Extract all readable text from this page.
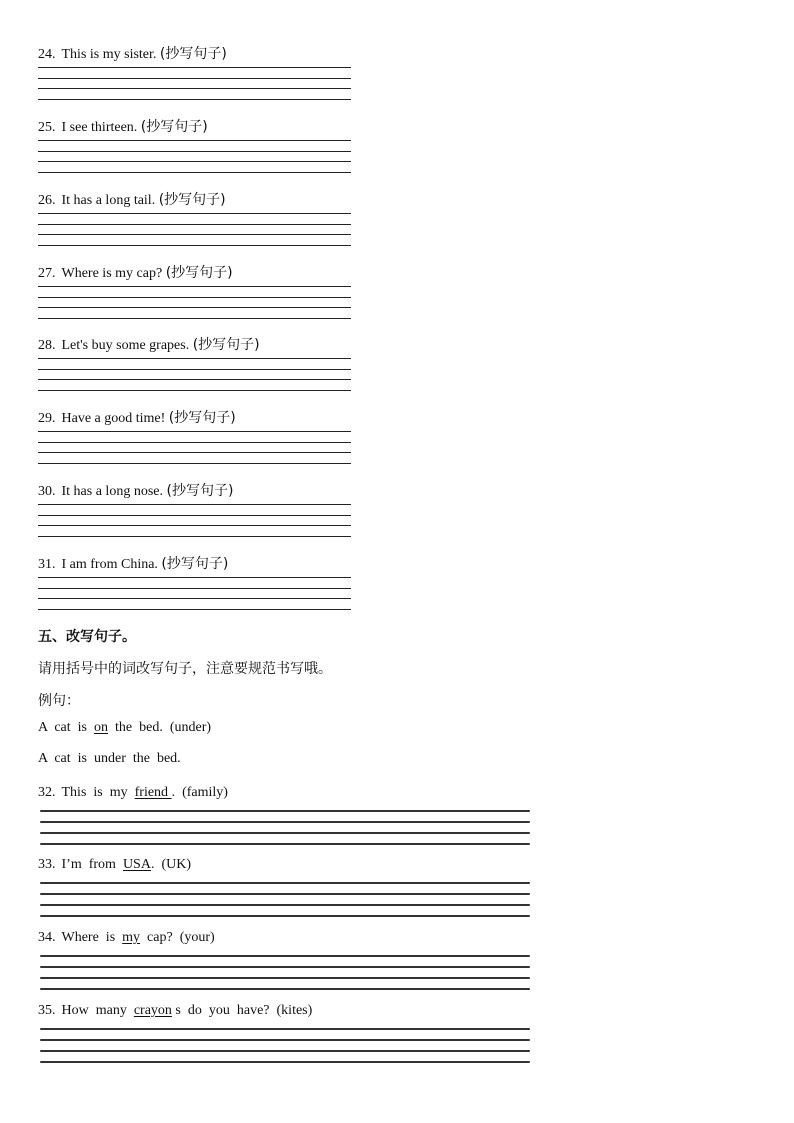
24. This is my sister. (抄写句子)
25. I see thirteen. (抄写句子)
26. It has a long tail. (抄写句子)
27. Where is my cap? (抄写句子)
28. Let's buy some grapes. (抄写句子)
29. Have a good time! (抄写句子)
30. It has a long nose. (抄写句子)
31. I am from China. (抄写句子)
五、改写句子。
请用括号中的词改写句子，注意要规范书写哦。
例句：
A  cat  is  on  the  bed.  (under)
A  cat  is  under  the  bed.
32. This  is  my  friend .  (family)
33. I’m  from  USA.  (UK)
34. Where  is  my  cap?  (your)
35. How  many  crayon s  do  you  have?  (kites)
